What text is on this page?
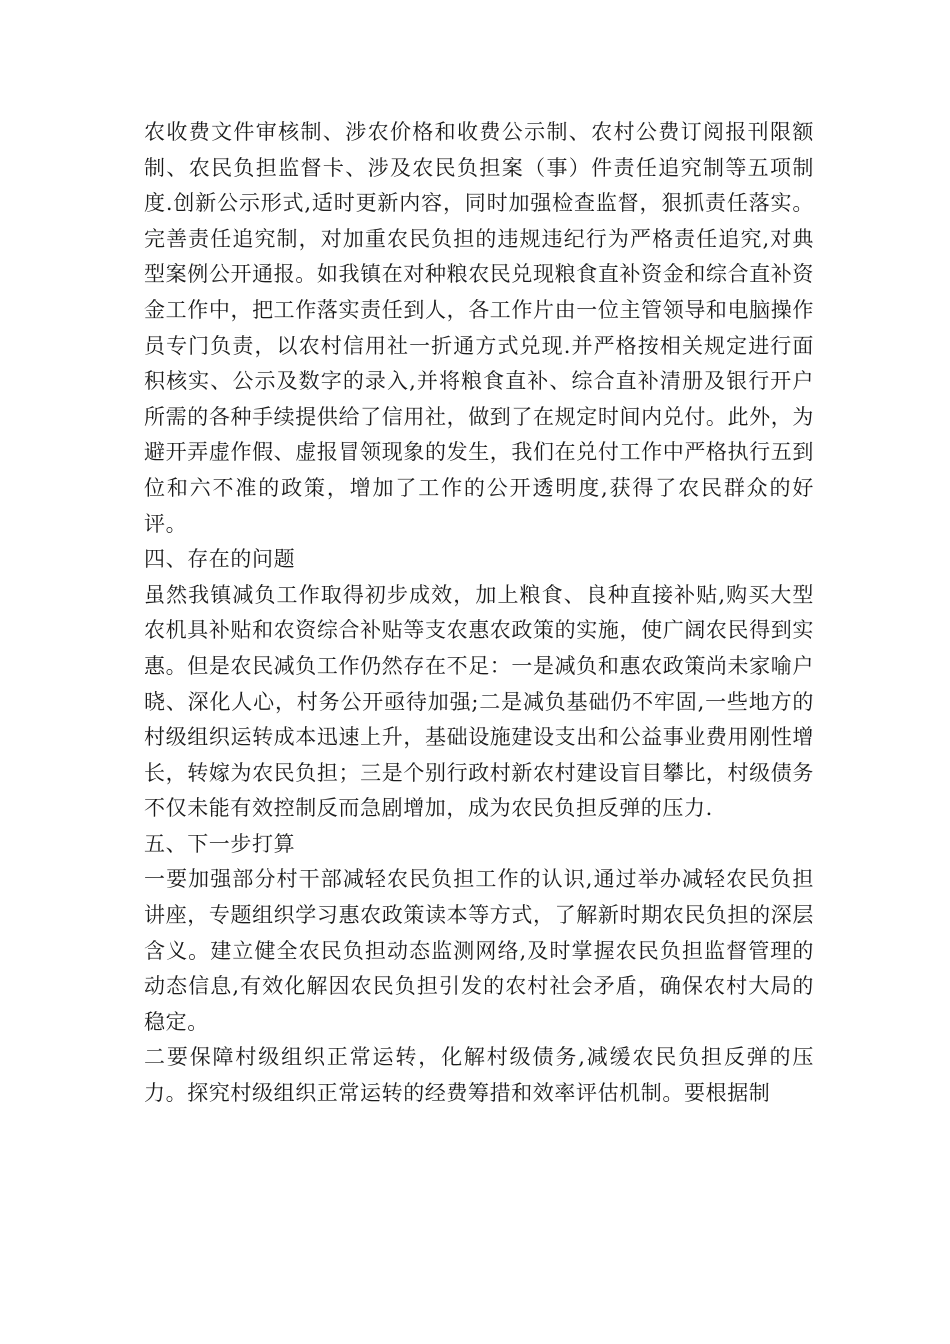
农收费文件审核制、涉农价格和收费公示制、农村公费订阅报刊限额制、农民负担监督卡、涉及农民负担案（事）件责任追究制等五项制度.创新公示形式,适时更新内容，同时加强检查监督，狠抓责任落实。完善责任追究制，对加重农民负担的违规违纪行为严格责任追究,对典型案例公开通报。如我镇在对种粮农民兑现粮食直补资金和综合直补资金工作中，把工作落实责任到人，各工作片由一位主管领导和电脑操作员专门负责，以农村信用社一折通方式兑现.并严格按相关规定进行面积核实、公示及数字的录入,并将粮食直补、综合直补清册及银行开户所需的各种手续提供给了信用社，做到了在规定时间内兑付。此外，为避开弄虚作假、虚报冒领现象的发生，我们在兑付工作中严格执行五到位和六不准的政策，增加了工作的公开透明度,获得了农民群众的好评。

四、存在的问题

虽然我镇减负工作取得初步成效，加上粮食、良种直接补贴,购买大型农机具补贴和农资综合补贴等支农惠农政策的实施，使广阔农民得到实惠。但是农民减负工作仍然存在不足：一是减负和惠农政策尚未家喻户晓、深化人心，村务公开亟待加强;二是减负基础仍不牢固,一些地方的村级组织运转成本迅速上升，基础设施建设支出和公益事业费用刚性增长，转嫁为农民负担；三是个别行政村新农村建设盲目攀比，村级债务不仅未能有效控制反而急剧增加，成为农民负担反弹的压力.

五、下一步打算

一要加强部分村干部减轻农民负担工作的认识,通过举办减轻农民负担讲座，专题组织学习惠农政策读本等方式，了解新时期农民负担的深层含义。建立健全农民负担动态监测网络,及时掌握农民负担监督管理的动态信息,有效化解因农民负担引发的农村社会矛盾，确保农村大局的稳定。

二要保障村级组织正常运转，化解村级债务,减缓农民负担反弹的压力。探究村级组织正常运转的经费筹措和效率评估机制。要根据制
